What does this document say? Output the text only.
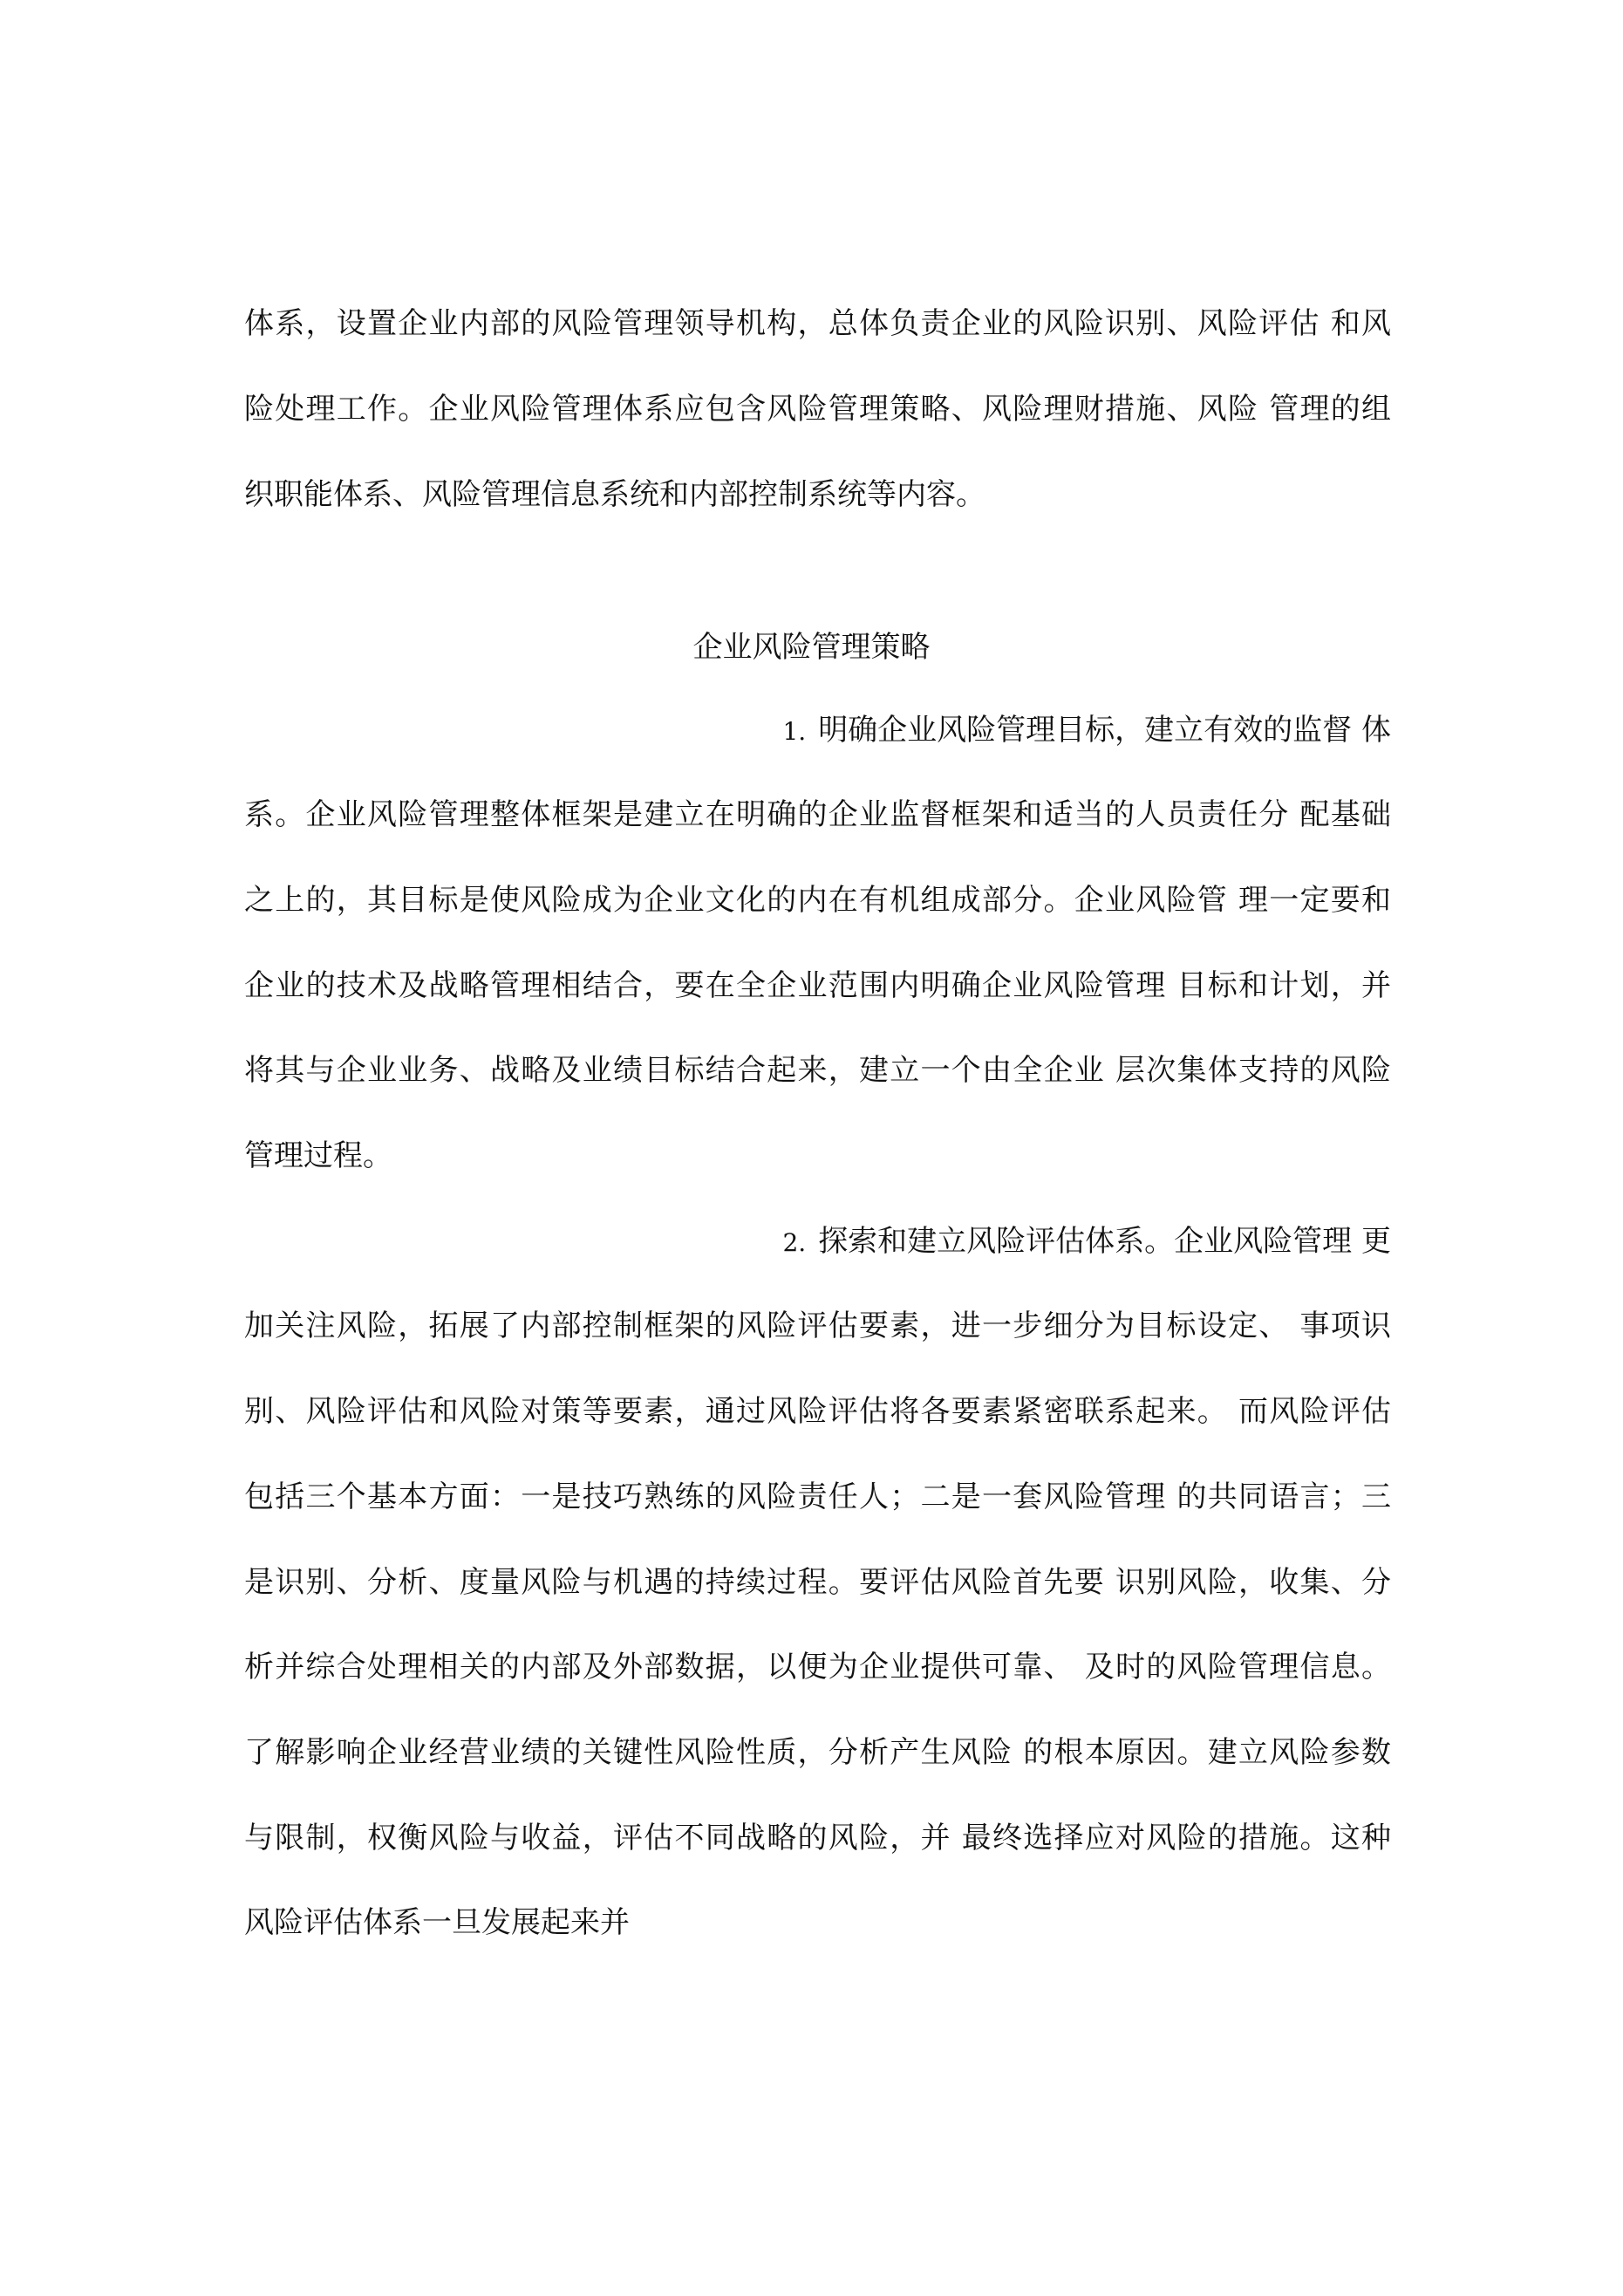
体系，设置企业内部的风险管理领导机构，总体负责企业的风险识别、风险评估 和风
险处理工作。企业风险管理体系应包含风险管理策略、风险理财措施、风险 管理的组
织职能体系、风险管理信息系统和内部控制系统等内容。
企业风险管理策略
1. 明确企业风险管理目标，建立有效的监督 体
系。企业风险管理整体框架是建立在明确的企业监督框架和适当的人员责任分 配基础
之上的，其目标是使风险成为企业文化的内在有机组成部分。企业风险管 理一定要和
企业的技术及战略管理相结合，要在全企业范围内明确企业风险管理 目标和计划，并
将其与企业业务、战略及业绩目标结合起来，建立一个由全企业 层次集体支持的风险
管理过程。
2. 探索和建立风险评估体系。企业风险管理 更
加关注风险，拓展了内部控制框架的风险评估要素，进一步细分为目标设定、 事项识
别、风险评估和风险对策等要素，通过风险评估将各要素紧密联系起来。 而风险评估
包括三个基本方面：一是技巧熟练的风险责任人；二是一套风险管理 的共同语言；三
是识别、分析、度量风险与机遇的持续过程。要评估风险首先要 识别风险，收集、分
析并综合处理相关的内部及外部数据，以便为企业提供可靠、 及时的风险管理信息。
了解影响企业经营业绩的关键性风险性质，分析产生风险 的根本原因。建立风险参数
与限制，权衡风险与收益，评估不同战略的风险，并 最终选择应对风险的措施。这种
风险评估体系一旦发展起来并
